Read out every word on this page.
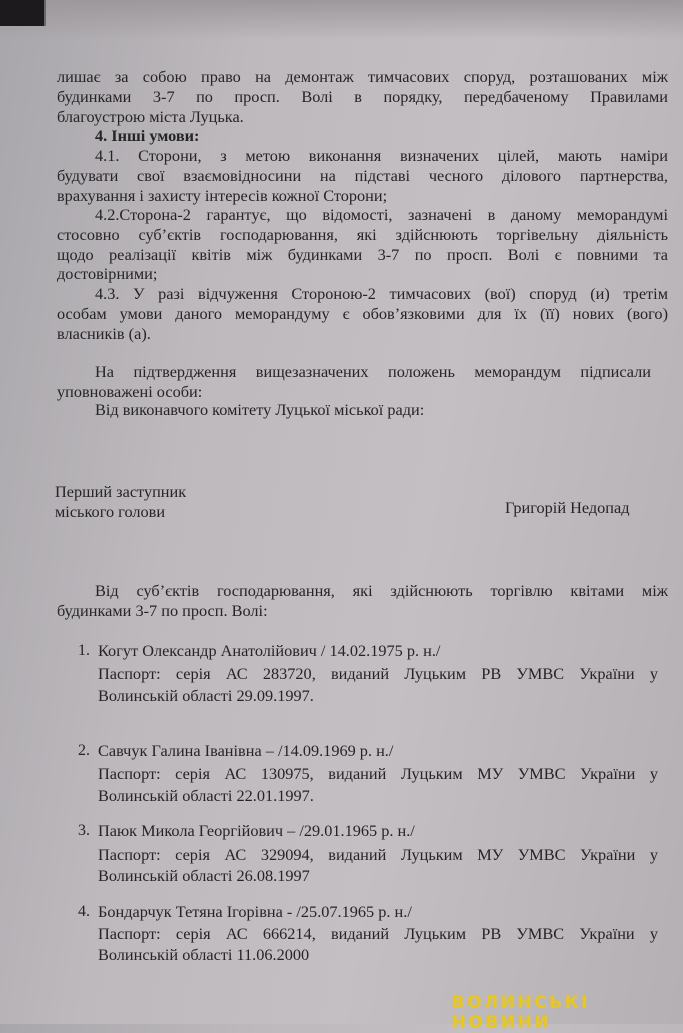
лишає за собою право на демонтаж тимчасових споруд, розташованих між
будинками 3-7 по просп. Волі в порядку, передбаченому Правилами
благоустрою міста Луцька.
4. Інші умови:
4.1. Сторони, з метою виконання визначених цілей, мають наміри
будувати свої взаємовідносини на підставі чесного ділового партнерства,
врахування і захисту інтересів кожної Сторони;
4.2.Сторона-2 гарантує, що відомості, зазначені в даному меморандумі
стосовно суб’єктів господарювання, які здійснюють торгівельну діяльність
щодо реалізації квітів між будинками 3-7 по просп. Волі є повними та
достовірними;
4.3. У разі відчуження Стороною-2 тимчасових (вої) споруд (и) третім
особам умови даного меморандуму є обов’язковими для їх (її) нових (вого)
власників (а).
На підтвердження вищезазначених положень меморандум підписали
уповноважені особи:
Від виконавчого комітету Луцької міської ради:
Перший заступник
міського голови	Григорій Недопад
Від суб’єктів господарювання, які здійснюють торгівлю квітами між
будинками 3-7 по просп. Волі:
1. Когут Олександр Анатолійович / 14.02.1975 р. н./
Паспорт: серія АС 283720, виданий Луцьким РВ УМВС України у
Волинській області 29.09.1997.
2. Савчук Галина Іванівна – /14.09.1969 р. н./
Паспорт: серія АС 130975, виданий Луцьким МУ УМВС України у
Волинській області 22.01.1997.
3. Паюк Микола Георгійович – /29.01.1965 р. н./
Паспорт: серія АС 329094, виданий Луцьким МУ УМВС України у
Волинській області 26.08.1997
4. Бондарчук Тетяна Ігорівна - /25.07.1965 р. н./
Паспорт: серія АС 666214, виданий Луцьким РВ УМВС України у
Волинській області 11.06.2000
ВОЛИНСЬКІ НОВИНИ
